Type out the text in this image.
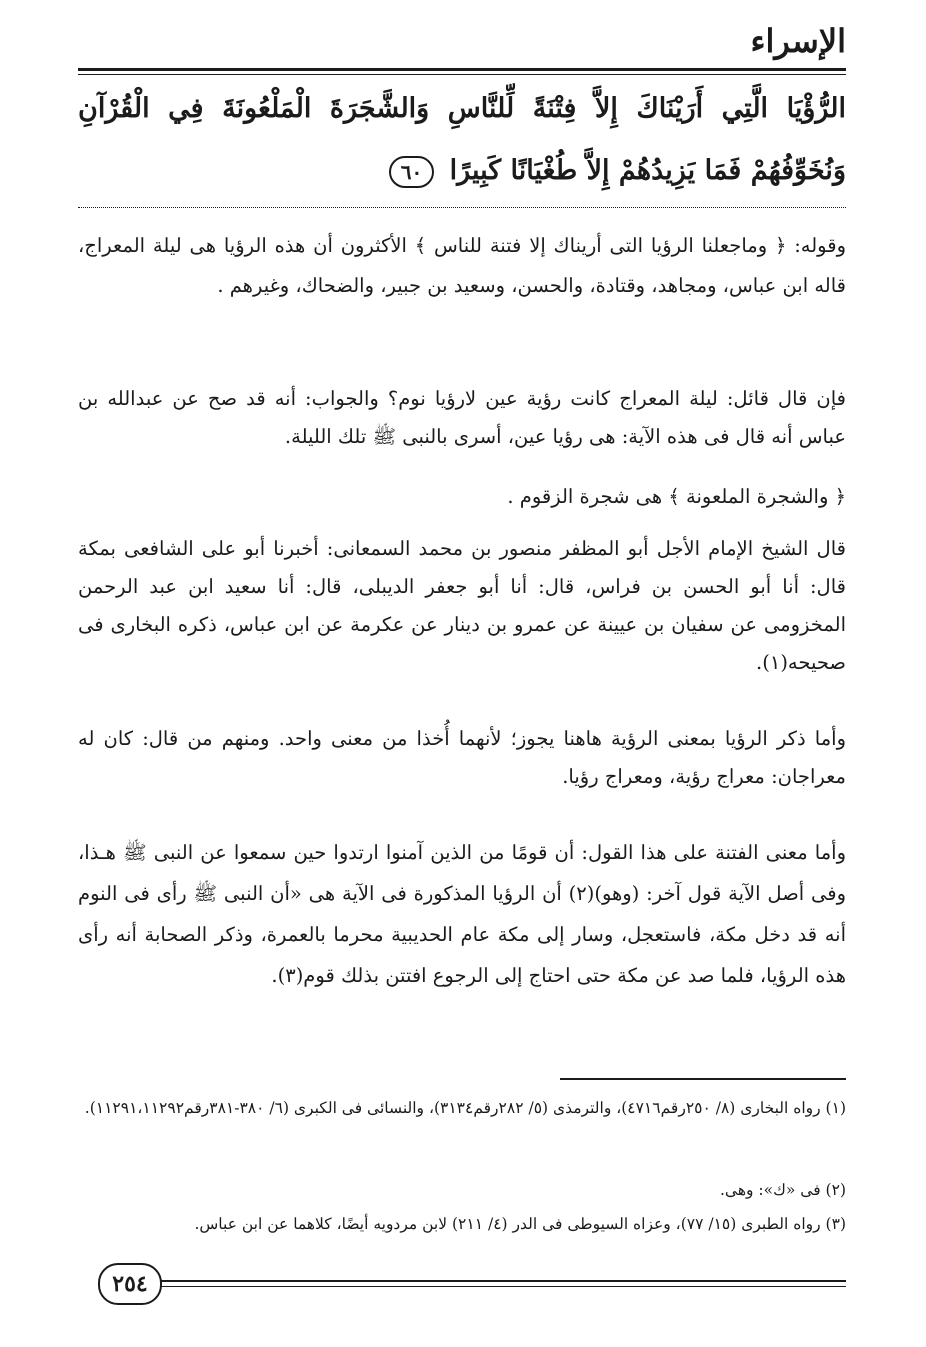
الإسراء
الرُّؤْيَا الَّتِي أَرَيْنَاكَ إِلاَّ فِتْنَةً لِّلنَّاسِ وَالشَّجَرَةَ الْمَلْعُونَةَ فِي الْقُرْآنِ وَنُخَوِّفُهُمْ فَمَا يَزِيدُهُمْ إِلاَّ طُغْيَانًا كَبِيرًا ٦٠
وقوله: ﴿ وماجعلنا الرؤيا التى أريناك إلا فتنة للناس ﴾ الأكثرون أن هذه الرؤيا هى ليلة المعراج، قاله ابن عباس، ومجاهد، وقتادة، والحسن، وسعيد بن جبير، والضحاك، وغيرهم .
فإن قال قائل: ليلة المعراج كانت رؤية عين لارؤيا نوم؟ والجواب: أنه قد صح عن عبدالله بن عباس أنه قال فى هذه الآية: هى رؤيا عين، أسرى بالنبى ﷺ تلك الليلة.
﴿ والشجرة الملعونة ﴾ هى شجرة الزقوم .
قال الشيخ الإمام الأجل أبو المظفر منصور بن محمد السمعانى: أخبرنا أبو على الشافعى بمكة قال: أنا أبو الحسن بن فراس، قال: أنا أبو جعفر الديبلى، قال: أنا سعيد ابن عبد الرحمن المخزومى عن سفيان بن عيينة عن عمرو بن دينار عن عكرمة عن ابن عباس، ذكره البخارى فى صحيحه(١).
وأما ذكر الرؤيا بمعنى الرؤية هاهنا يجوز؛ لأنهما أُخذا من معنى واحد. ومنهم من قال: كان له معراجان: معراج رؤية، ومعراج رؤيا.
وأما معنى الفتنة على هذا القول: أن قومًا من الذين آمنوا ارتدوا حين سمعوا عن النبى ﷺ هـذا، وفى أصل الآية قول آخر: (وهو)(٢) أن الرؤيا المذكورة فى الآية هى «أن النبى ﷺ رأى فى النوم أنه قد دخل مكة، فاستعجل، وسار إلى مكة عام الحديبية محرما بالعمرة، وذكر الصحابة أنه رأى هذه الرؤيا، فلما صد عن مكة حتى احتاج إلى الرجوع افتتن بذلك قوم(٣).
(١) رواه البخارى (٨/ ٢٥٠رقم٤٧١٦)، والترمذى (٥/ ٢٨٢رقم٣١٣٤)، والنسائى فى الكبرى (٦/ ٣٨٠-٣٨١رقم١١٢٩١،١١٢٩٢).
(٢) فى «ك»: وهى.
(٣) رواه الطبرى (١٥/ ٧٧)، وعزاه السيوطى فى الدر (٤/ ٢١١) لابن مردويه أيضًا، كلاهما عن ابن عباس.
٢٥٤
